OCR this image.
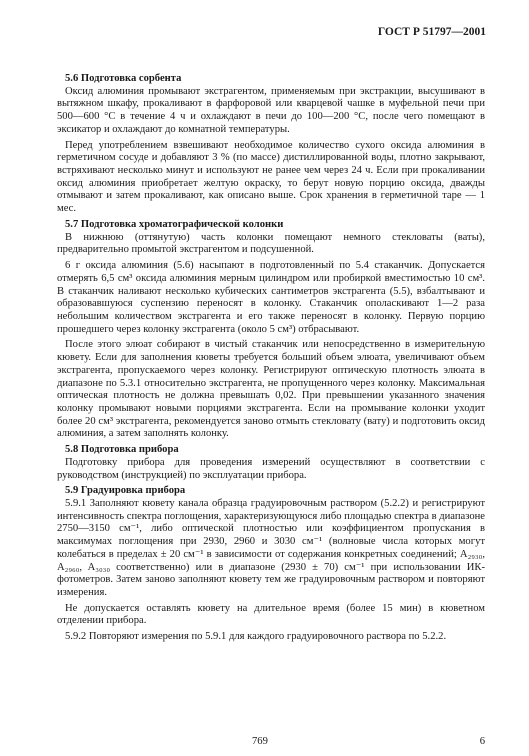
ГОСТ Р 51797—2001
5.6 Подготовка сорбента

Оксид алюминия промывают экстрагентом, применяемым при экстракции, высушивают в вытяжном шкафу, прокаливают в фарфоровой или кварцевой чашке в муфельной печи при 500—600 °С в течение 4 ч и охлаждают в печи до 100—200 °С, после чего помещают в эксикатор и охлаждают до комнатной температуры.

Перед употреблением взвешивают необходимое количество сухого оксида алюминия в герметичном сосуде и добавляют 3 % (по массе) дистиллированной воды, плотно закрывают, встряхивают несколько минут и используют не ранее чем через 24 ч. Если при прокаливании оксид алюминия приобретает желтую окраску, то берут новую порцию оксида, дважды отмывают и затем прокаливают, как описано выше. Срок хранения в герметичной таре — 1 мес.

5.7 Подготовка хроматографической колонки

В нижнюю (оттянутую) часть колонки помещают немного стекловаты (ваты), предварительно промытой экстрагентом и подсушенной.

6 г оксида алюминия (5.6) насыпают в подготовленный по 5.4 стаканчик. Допускается отмерять 6,5 см³ оксида алюминия мерным цилиндром или пробиркой вместимостью 10 см³. В стаканчик наливают несколько кубических сантиметров экстрагента (5.5), взбалтывают и образовавшуюся суспензию переносят в колонку. Стаканчик ополаскивают 1—2 раза небольшим количеством экстрагента и его также переносят в колонку. Первую порцию прошедшего через колонку экстрагента (около 5 см³) отбрасывают.

После этого элюат собирают в чистый стаканчик или непосредственно в измерительную кювету. Если для заполнения кюветы требуется больший объем элюата, увеличивают объем экстрагента, пропускаемого через колонку. Регистрируют оптическую плотность элюата в диапазоне по 5.3.1 относительно экстрагента, не пропущенного через колонку. Максимальная оптическая плотность не должна превышать 0,02. При превышении указанного значения колонку промывают новыми порциями экстрагента. Если на промывание колонки уходит более 20 см³ экстрагента, рекомендуется заново отмыть стекловату (вату) и подготовить оксид алюминия, а затем заполнять колонку.

5.8 Подготовка прибора

Подготовку прибора для проведения измерений осуществляют в соответствии с руководством (инструкцией) по эксплуатации прибора.

5.9 Градуировка прибора

5.9.1 Заполняют кювету канала образца градуировочным раствором (5.2.2) и регистрируют интенсивность спектра поглощения, характеризующуюся либо площадью спектра в диапазоне 2750—3150 см⁻¹, либо оптической плотностью или коэффициентом пропускания в максимумах поглощения при 2930, 2960 и 3030 см⁻¹ (волновые числа которых могут колебаться в пределах ± 20 см⁻¹ в зависимости от содержания конкретных соединений; A₂₉₃₀, A₂₉₆₀, A₃₀₃₀ соответственно) или в диапазоне (2930 ± 70) см⁻¹ при использовании ИК-фотометров. Затем заново заполняют кювету тем же градуировочным раствором и повторяют измерения.

Не допускается оставлять кювету на длительное время (более 15 мин) в кюветном отделении прибора.

5.9.2 Повторяют измерения по 5.9.1 для каждого градуировочного раствора по 5.2.2.

769	6
